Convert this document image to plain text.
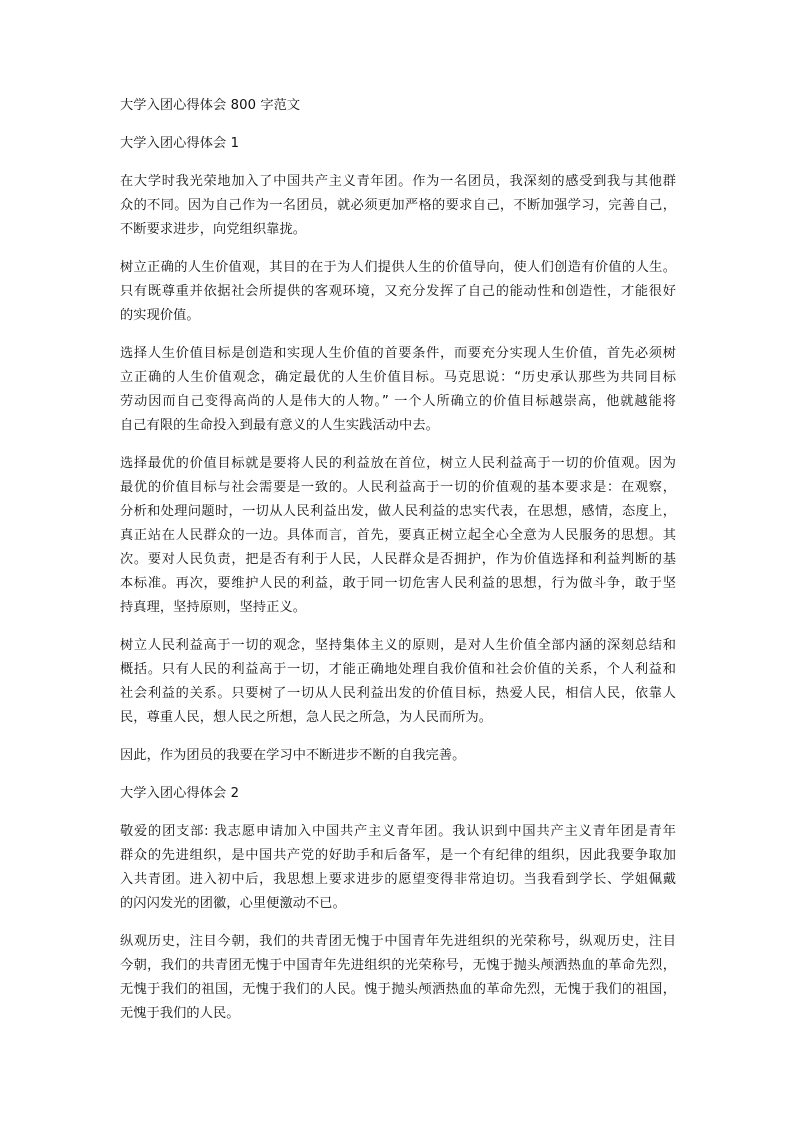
大学入团心得体会 800 字范文
大学入团心得体会 1
在大学时我光荣地加入了中国共产主义青年团。作为一名团员，我深刻的感受到我与其他群
众的不同。因为自己作为一名团员，就必须更加严格的要求自己，不断加强学习，完善自己，
不断要求进步，向党组织靠拢。
树立正确的人生价值观，其目的在于为人们提供人生的价值导向，使人们创造有价值的人生。
只有既尊重并依据社会所提供的客观环境，又充分发挥了自己的能动性和创造性，才能很好
的实现价值。
选择人生价值目标是创造和实现人生价值的首要条件，而要充分实现人生价值，首先必须树
立正确的人生价值观念，确定最优的人生价值目标。马克思说：“历史承认那些为共同目标
劳动因而自己变得高尚的人是伟大的人物。” 一个人所确立的价值目标越崇高，他就越能将
自己有限的生命投入到最有意义的人生实践活动中去。
选择最优的价值目标就是要将人民的利益放在首位，树立人民利益高于一切的价值观。因为
最优的价值目标与社会需要是一致的。人民利益高于一切的价值观的基本要求是：在观察，
分析和处理问题时，一切从人民利益出发，做人民利益的忠实代表，在思想，感情，态度上，
真正站在人民群众的一边。具体而言，首先，要真正树立起全心全意为人民服务的思想。其
次。要对人民负责，把是否有利于人民，人民群众是否拥护，作为价值选择和利益判断的基
本标准。再次，要维护人民的利益，敢于同一切危害人民利益的思想，行为做斗争，敢于坚
持真理，坚持原则，坚持正义。
树立人民利益高于一切的观念，坚持集体主义的原则，是对人生价值全部内涵的深刻总结和
概括。只有人民的利益高于一切，才能正确地处理自我价值和社会价值的关系，个人利益和
社会利益的关系。只要树了一切从人民利益出发的价值目标，热爱人民，相信人民，依靠人
民，尊重人民，想人民之所想，急人民之所急，为人民而所为。
因此，作为团员的我要在学习中不断进步不断的自我完善。
大学入团心得体会 2
敬爱的团支部: 我志愿申请加入中国共产主义青年团。我认识到中国共产主义青年团是青年
群众的先进组织，是中国共产党的好助手和后备军，是一个有纪律的组织，因此我要争取加
入共青团。进入初中后，我思想上要求进步的愿望变得非常迫切。当我看到学长、学姐佩戴
的闪闪发光的团徽，心里便激动不已。
纵观历史，注目今朝，我们的共青团无愧于中国青年先进组织的光荣称号，纵观历史，注目
今朝，我们的共青团无愧于中国青年先进组织的光荣称号，无愧于抛头颅洒热血的革命先烈，
无愧于我们的祖国，无愧于我们的人民。愧于抛头颅洒热血的革命先烈，无愧于我们的祖国，
无愧于我们的人民。
